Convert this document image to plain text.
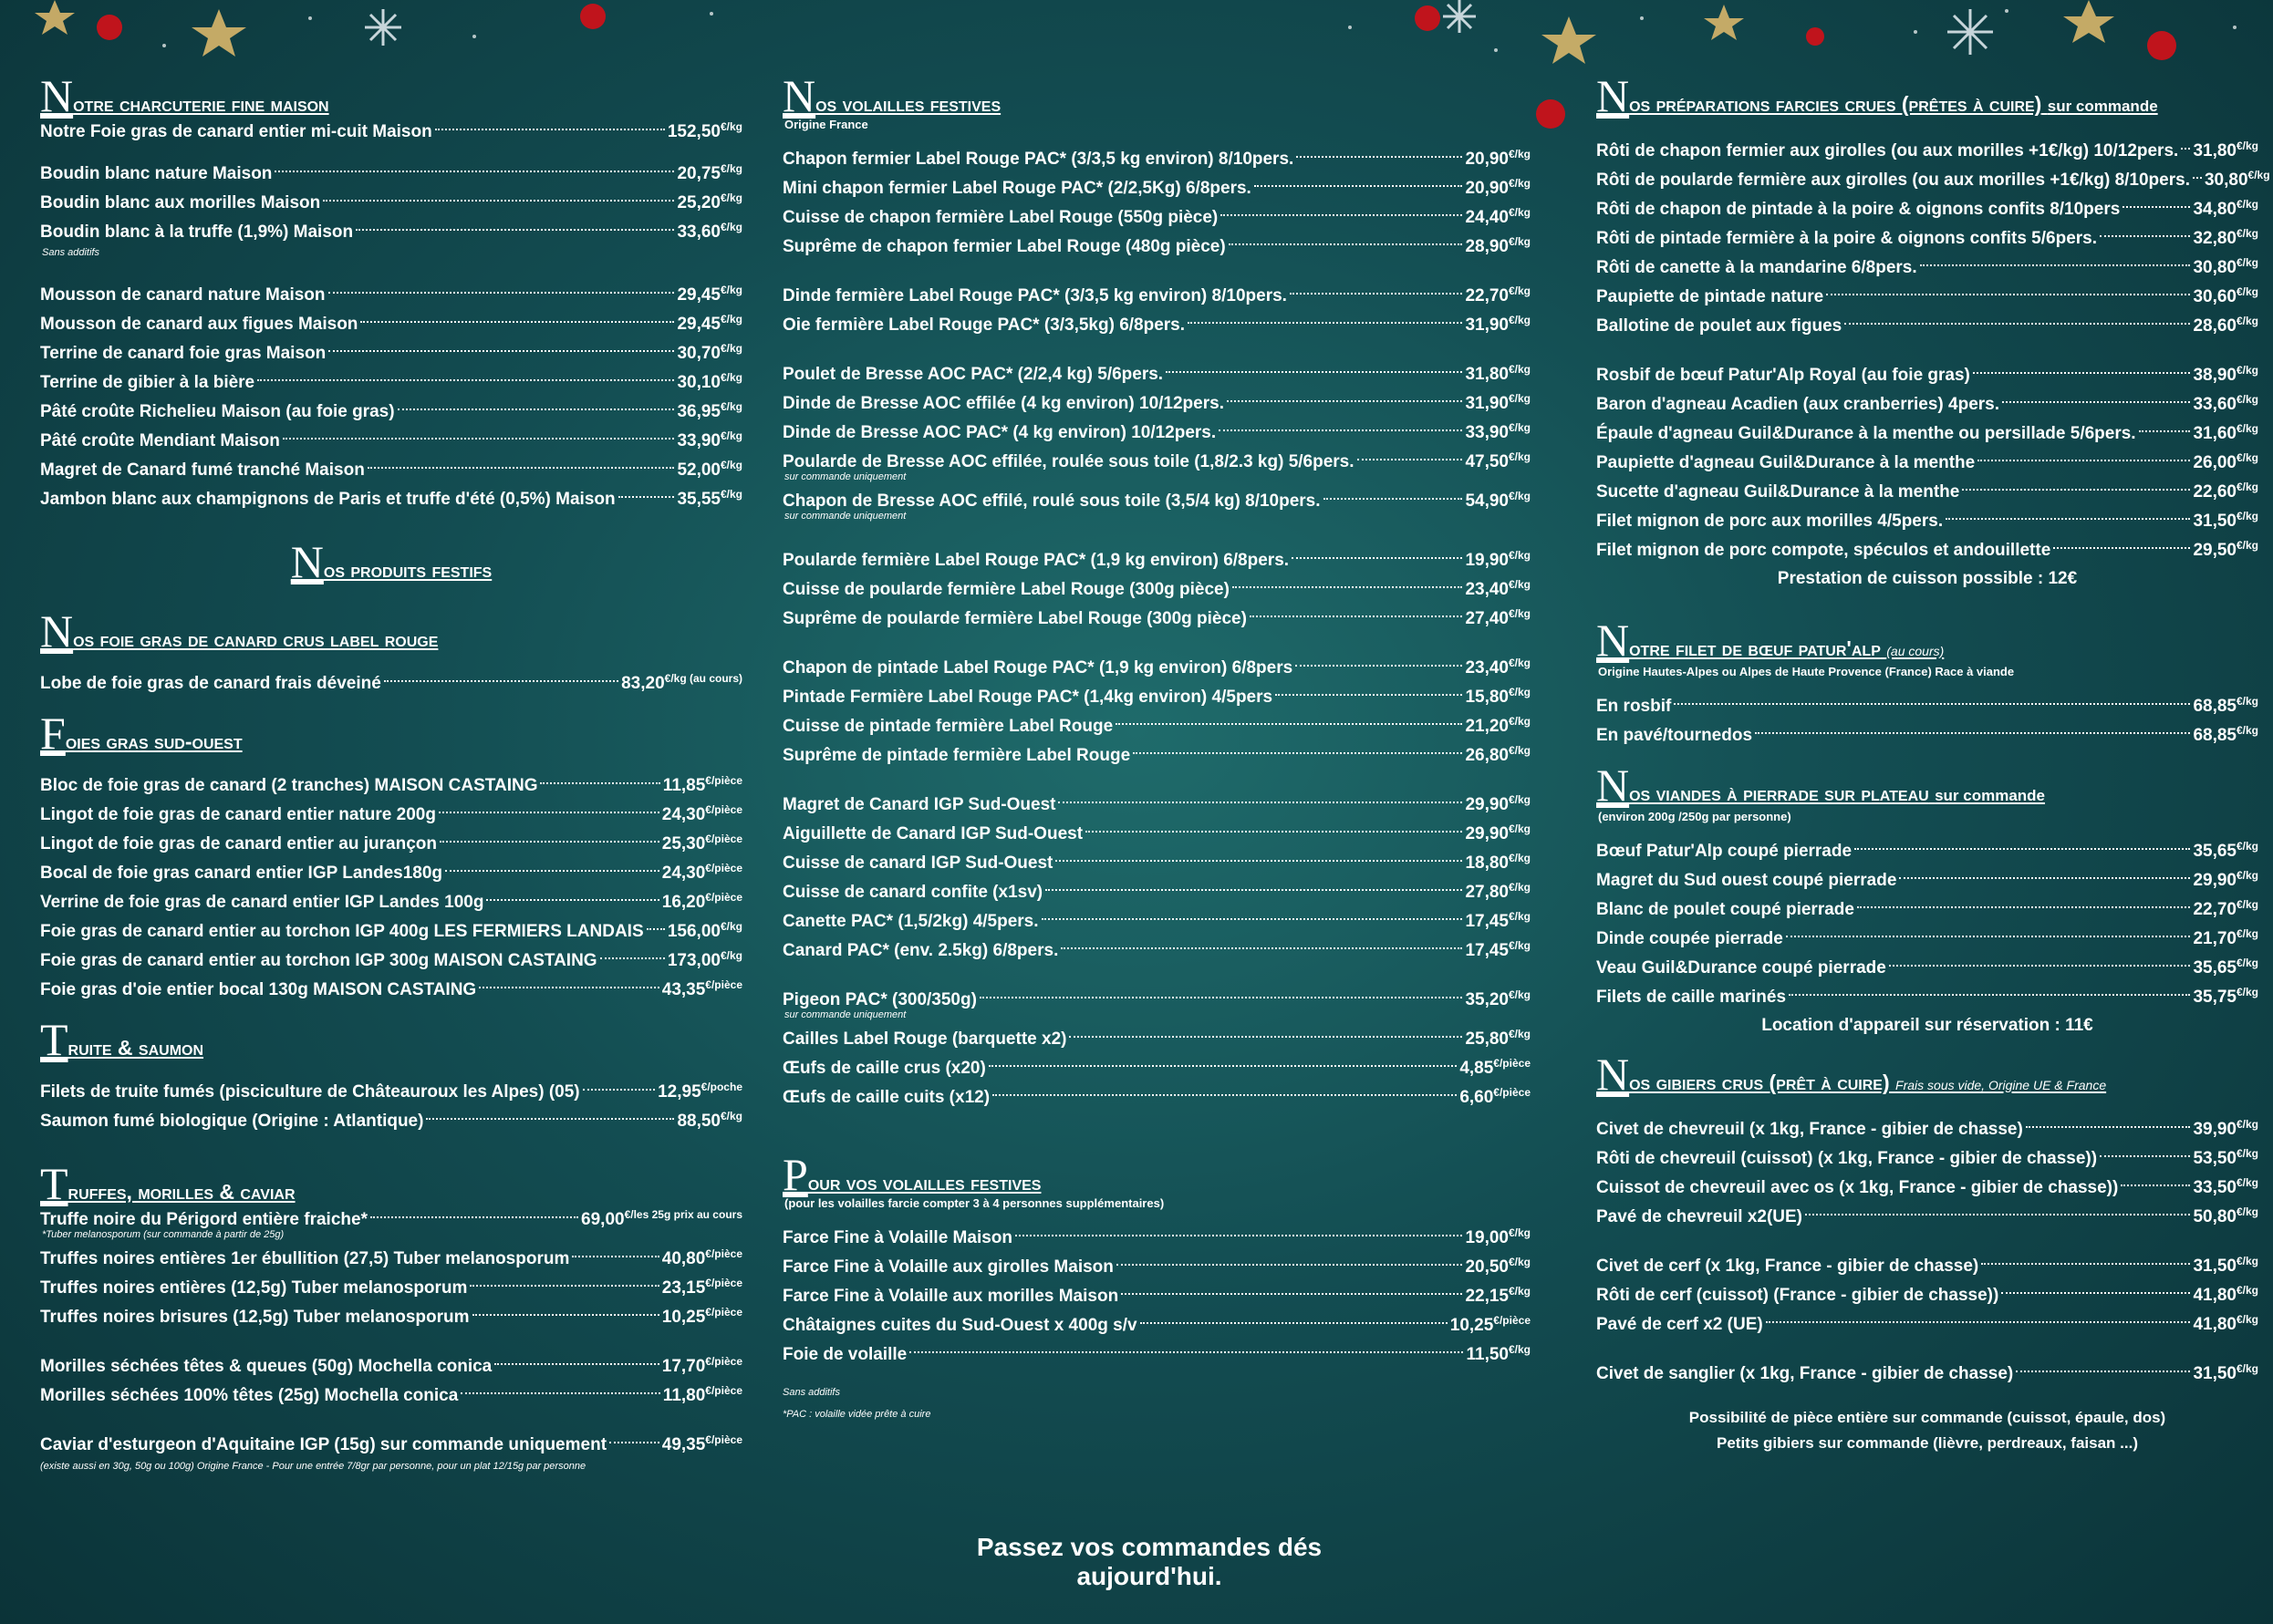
Notre charcuterie fine maison
Notre Foie gras de canard entier mi-cuit Maison	152,50 €/kg
Boudin blanc nature Maison	20,75 €/kg
Boudin blanc aux morilles Maison	25,20 €/kg
Boudin blanc à la truffe (1,9%) Maison	33,60 €/kg
Sans additifs
Mousson de canard nature Maison	29,45 €/kg
Mousson de canard aux figues Maison	29,45 €/kg
Terrine de canard foie gras Maison	30,70 €/kg
Terrine de gibier à la bière	30,10 €/kg
Pâté croûte Richelieu Maison (au foie gras)	36,95 €/kg
Pâté croûte Mendiant Maison	33,90 €/kg
Magret de Canard fumé tranché Maison	52,00 €/kg
Jambon blanc aux champignons de Paris et truffe d'été (0,5%) Maison	35,55 €/kg
Nos produits festifs
Nos foie gras de canard crus label rouge
Lobe de foie gras de canard frais déveiné	83,20 €/kg (au cours)
Foies gras sud-ouest
Bloc de foie gras de canard (2 tranches) MAISON CASTAING	11,85 €/pièce
Lingot de foie gras de canard entier nature 200g	24,30 €/pièce
Lingot de foie gras de canard entier au jurançon	25,30 €/pièce
Bocal de foie gras canard entier IGP Landes180g	24,30 €/pièce
Verrine de foie gras de canard entier IGP Landes 100g	16,20 €/pièce
Foie gras de canard entier au torchon IGP 400g LES FERMIERS LANDAIS 156,00 €/kg
Foie gras de canard entier au torchon IGP 300g MAISON CASTAING	173,00 €/kg
Foie gras d'oie entier bocal 130g MAISON CASTAING	43,35 €/pièce
Truite & saumon
Filets de truite fumés (pisciculture de Châteauroux les Alpes) (05)	12,95 €/poche
Saumon fumé biologique (Origine : Atlantique)	88,50 €/kg
Truffes, morilles & caviar
Truffe noire du Périgord entière fraiche*	69,00 €/les 25g prix au cours
*Tuber melanosporum (sur commande à partir de 25g)
Truffes noires entières 1er ébullition (27,5) Tuber melanosporum	40,80 €/pièce
Truffes noires entières (12,5g) Tuber melanosporum	23,15 €/pièce
Truffes noires brisures (12,5g) Tuber melanosporum	10,25 €/pièce
Morilles séchées têtes & queues (50g) Mochella conica	17,70 €/pièce
Morilles séchées 100% têtes (25g) Mochella conica	11,80 €/pièce
Caviar d'esturgeon d'Aquitaine IGP (15g) sur commande uniquement	49,35 €/pièce
(existe aussi en 30g, 50g ou 100g) Origine France - Pour une entrée 7/8gr par personne, pour un plat 12/15g par personne
Nos volailles festives
Origine France
Chapon fermier Label Rouge PAC* (3/3,5 kg environ) 8/10pers.	20,90 €/kg
Mini chapon fermier Label Rouge PAC* (2/2,5Kg) 6/8pers.	20,90 €/kg
Cuisse de chapon fermière Label Rouge (550g pièce)	24,40 €/kg
Suprême de chapon fermier Label Rouge (480g pièce)	28,90 €/kg
Dinde fermière Label Rouge PAC* (3/3,5 kg environ) 8/10pers.	22,70 €/kg
Oie fermière Label Rouge PAC* (3/3,5kg) 6/8pers.	31,90 €/kg
Poulet de Bresse AOC PAC* (2/2,4 kg) 5/6pers.	31,80 €/kg
Dinde de Bresse AOC effilée (4 kg environ) 10/12pers.	31,90 €/kg
Dinde de Bresse AOC PAC* (4 kg environ) 10/12pers.	33,90 €/kg
Poularde de Bresse AOC effilée, roulée sous toile (1,8/2.3 kg) 5/6pers.	47,50 €/kg
sur commande uniquement
Chapon de Bresse AOC effilé, roulé sous toile (3,5/4 kg) 8/10pers.	54,90 €/kg
sur commande uniquement
Poularde fermière Label Rouge PAC* (1,9 kg environ) 6/8pers.	19,90 €/kg
Cuisse de poularde fermière Label Rouge (300g pièce)	23,40 €/kg
Suprême de poularde fermière Label Rouge (300g pièce)	27,40 €/kg
Chapon de pintade Label Rouge PAC* (1,9 kg environ) 6/8pers	23,40 €/kg
Pintade Fermière Label Rouge PAC* (1,4kg environ) 4/5pers	15,80 €/kg
Cuisse de pintade fermière Label Rouge	21,20 €/kg
Suprême de pintade fermière Label Rouge	26,80 €/kg
Magret de Canard IGP Sud-Ouest	29,90 €/kg
Aiguillette de Canard IGP Sud-Ouest	29,90 €/kg
Cuisse de canard IGP Sud-Ouest	18,80 €/kg
Cuisse de canard confite (x1sv)	27,80 €/kg
Canette PAC* (1,5/2kg) 4/5pers.	17,45 €/kg
Canard PAC* (env. 2.5kg) 6/8pers.	17,45 €/kg
Pigeon PAC* (300/350g)	35,20 €/kg
sur commande uniquement
Cailles Label Rouge (barquette x2)	25,80 €/kg
Œufs de caille crus (x20)	4,85 €/pièce
Œufs de caille cuits (x12)	6,60 €/pièce
Pour vos volailles festives
(pour les volailles farcie compter 3 à 4 personnes supplémentaires)
Farce Fine à Volaille Maison	19,00 €/kg
Farce Fine à Volaille aux girolles Maison	20,50 €/kg
Farce Fine à Volaille aux morilles Maison	22,15 €/kg
Châtaignes cuites du Sud-Ouest x 400g s/v	10,25 €/pièce
Foie de volaille	11,50 €/kg
Sans additifs
*PAC : volaille vidée prête à cuire
Passez vos commandes dés aujourd'hui.
Nos préparations farcies crues (prêtes à cuire) sur commande
Rôti de chapon fermier aux girolles (ou aux morilles +1€/kg) 10/12pers. 31,80 €/kg
Rôti de poularde fermière aux girolles (ou aux morilles +1€/kg) 8/10pers. 30,80 €/kg
Rôti de chapon de pintade à la poire & oignons confits 8/10pers	34,80 €/kg
Rôti de pintade fermière à la poire & oignons confits 5/6pers.	32,80 €/kg
Rôti de canette à la mandarine 6/8pers.	30,80 €/kg
Paupiette de pintade nature	30,60 €/kg
Ballotine de poulet aux figues	28,60 €/kg
Rosbif de bœuf Patur'Alp Royal (au foie gras)	38,90 €/kg
Baron d'agneau Acadien (aux cranberries) 4pers.	33,60 €/kg
Épaule d'agneau Guil&Durance à la menthe ou persillade 5/6pers.	31,60 €/kg
Paupiette d'agneau Guil&Durance à la menthe	26,00 €/kg
Sucette d'agneau Guil&Durance à la menthe	22,60 €/kg
Filet mignon de porc aux morilles 4/5pers.	31,50 €/kg
Filet mignon de porc compote, spéculos et andouillette	29,50 €/kg
Prestation de cuisson possible : 12€
Notre filet de bœuf patur'alp (au cours)
Origine Hautes-Alpes ou Alpes de Haute Provence (France) Race à viande
En rosbif	68,85 €/kg
En pavé/tournedos	68,85 €/kg
Nos viandes à pierrade sur plateau sur commande
(environ 200g /250g par personne)
Bœuf Patur'Alp coupé pierrade	35,65 €/kg
Magret du Sud ouest coupé pierrade	29,90 €/kg
Blanc de poulet coupé pierrade	22,70 €/kg
Dinde coupée pierrade	21,70 €/kg
Veau Guil&Durance coupé pierrade	35,65 €/kg
Filets de caille marinés	35,75 €/kg
Location d'appareil sur réservation : 11€
Nos gibiers crus (prêt à cuire) Frais sous vide, Origine UE & France
Civet de chevreuil (x 1kg, France - gibier de chasse)	39,90 €/kg
Rôti de chevreuil (cuissot) (x 1kg, France - gibier de chasse))	53,50 €/kg
Cuissot de chevreuil avec os (x 1kg, France - gibier de chasse))	33,50 €/kg
Pavé de chevreuil x2(UE)	50,80 €/kg
Civet de cerf (x 1kg, France - gibier de chasse)	31,50 €/kg
Rôti de cerf (cuissot) (France - gibier de chasse))	41,80 €/kg
Pavé de cerf x2 (UE)	41,80 €/kg
Civet de sanglier (x 1kg, France - gibier de chasse)	31,50 €/kg
Possibilité de pièce entière sur commande (cuissot, épaule, dos)
Petits gibiers sur commande (lièvre, perdreaux, faisan ...)
